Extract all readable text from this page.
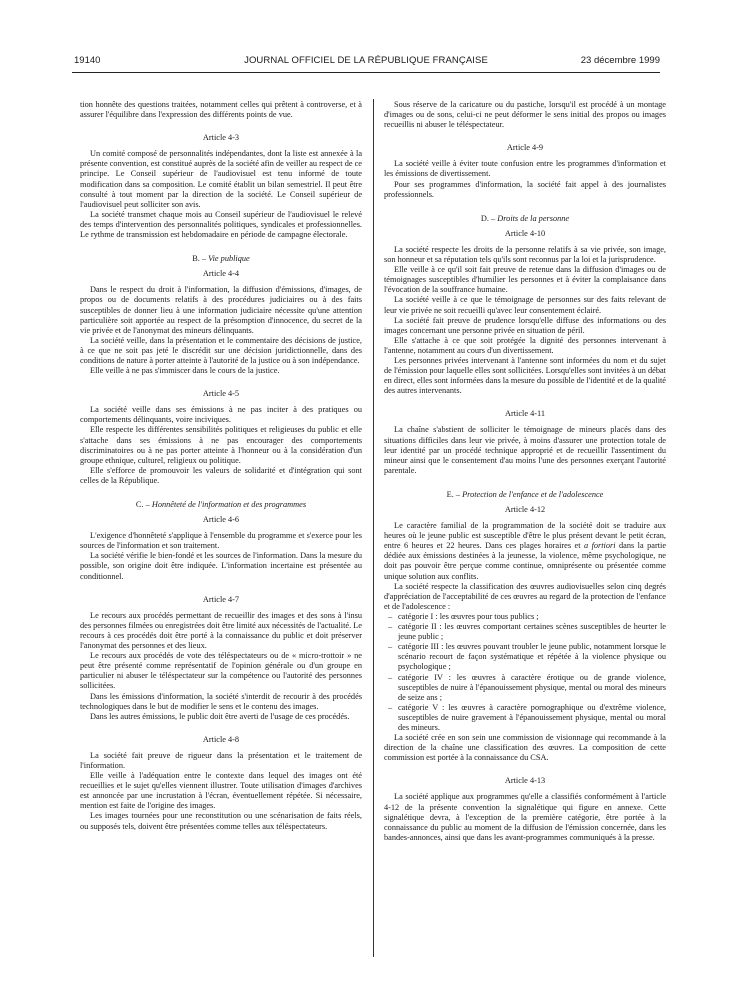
19140	JOURNAL OFFICIEL DE LA RÉPUBLIQUE FRANÇAISE	23 décembre 1999

tion honnête des questions traitées, notamment celles qui prêtent à controverse, et à assurer l'équilibre dans l'expression des différents points de vue.

Article 4-3

Un comité composé de personnalités indépendantes, dont la liste est annexée à la présente convention, est constitué auprès de la société afin de veiller au respect de ce principe. Le Conseil supérieur de l'audiovisuel est tenu informé de toute modification dans sa composition. Le comité établit un bilan semestriel. Il peut être consulté à tout moment par la direction de la société. Le Conseil supérieur de l'audiovisuel peut solliciter son avis.

La société transmet chaque mois au Conseil supérieur de l'audiovisuel le relevé des temps d'intervention des personnalités politiques, syndicales et professionnelles. Le rythme de transmission est hebdomadaire en période de campagne électorale.

B. – Vie publique
Article 4-4

Dans le respect du droit à l'information, la diffusion d'émissions, d'images, de propos ou de documents relatifs à des procédures judiciaires ou à des faits susceptibles de donner lieu à une information judiciaire nécessite qu'une attention particulière soit apportée au respect de la présomption d'innocence, du secret de la vie privée et de l'anonymat des mineurs délinquants.

La société veille, dans la présentation et le commentaire des décisions de justice, à ce que ne soit pas jeté le discrédit sur une décision juridictionnelle, dans des conditions de nature à porter atteinte à l'autorité de la justice ou à son indépendance.

Elle veille à ne pas s'immiscer dans le cours de la justice.

Article 4-5

La société veille dans ses émissions à ne pas inciter à des pratiques ou comportements délinquants, voire inciviques.

Elle respecte les différentes sensibilités politiques et religieuses du public et elle s'attache dans ses émissions à ne pas encourager des comportements discriminatoires ou à ne pas porter atteinte à l'honneur ou à la considération d'un groupe ethnique, culturel, religieux ou politique.

Elle s'efforce de promouvoir les valeurs de solidarité et d'intégration qui sont celles de la République.

C. – Honnêteté de l'information et des programmes
Article 4-6

L'exigence d'honnêteté s'applique à l'ensemble du programme et s'exerce pour les sources de l'information et son traitement.

La société vérifie le bien-fondé et les sources de l'information. Dans la mesure du possible, son origine doit être indiquée. L'information incertaine est présentée au conditionnel.

Article 4-7

Le recours aux procédés permettant de recueillir des images et des sons à l'insu des personnes filmées ou enregistrées doit être limité aux nécessités de l'actualité. Le recours à ces procédés doit être porté à la connaissance du public et doit préserver l'anonymat des personnes et des lieux.

Le recours aux procédés de vote des téléspectateurs ou de « micro-trottoir » ne peut être présenté comme représentatif de l'opinion générale ou d'un groupe en particulier ni abuser le téléspectateur sur la compétence ou l'autorité des personnes sollicitées.

Dans les émissions d'information, la société s'interdit de recourir à des procédés technologiques dans le but de modifier le sens et le contenu des images.

Dans les autres émissions, le public doit être averti de l'usage de ces procédés.

Article 4-8

La société fait preuve de rigueur dans la présentation et le traitement de l'information.

Elle veille à l'adéquation entre le contexte dans lequel des images ont été recueillies et le sujet qu'elles viennent illustrer. Toute utilisation d'images d'archives est annoncée par une incrustation à l'écran, éventuellement répétée. Si nécessaire, mention est faite de l'origine des images.

Les images tournées pour une reconstitution ou une scénarisation de faits réels, ou supposés tels, doivent être présentées comme telles aux téléspectateurs.

Sous réserve de la caricature ou du pastiche, lorsqu'il est procédé à un montage d'images ou de sons, celui-ci ne peut déformer le sens initial des propos ou images recueillis ni abuser le téléspectateur.

Article 4-9

La société veille à éviter toute confusion entre les programmes d'information et les émissions de divertissement.

Pour ses programmes d'information, la société fait appel à des journalistes professionnels.

D. – Droits de la personne
Article 4-10

La société respecte les droits de la personne relatifs à sa vie privée, son image, son honneur et sa réputation tels qu'ils sont reconnus par la loi et la jurisprudence.

Elle veille à ce qu'il soit fait preuve de retenue dans la diffusion d'images ou de témoignages susceptibles d'humilier les personnes et à éviter la complaisance dans l'évocation de la souffrance humaine.

La société veille à ce que le témoignage de personnes sur des faits relevant de leur vie privée ne soit recueilli qu'avec leur consentement éclairé.

La société fait preuve de prudence lorsqu'elle diffuse des informations ou des images concernant une personne privée en situation de péril.

Elle s'attache à ce que soit protégée la dignité des personnes intervenant à l'antenne, notamment au cours d'un divertissement.

Les personnes privées intervenant à l'antenne sont informées du nom et du sujet de l'émission pour laquelle elles sont sollicitées. Lorsqu'elles sont invitées à un débat en direct, elles sont informées dans la mesure du possible de l'identité et de la qualité des autres intervenants.

Article 4-11

La chaîne s'abstient de solliciter le témoignage de mineurs placés dans des situations difficiles dans leur vie privée, à moins d'assurer une protection totale de leur identité par un procédé technique approprié et de recueillir l'assentiment du mineur ainsi que le consentement d'au moins l'une des personnes exerçant l'autorité parentale.

E. – Protection de l'enfance et de l'adolescence
Article 4-12

Le caractère familial de la programmation de la société doit se traduire aux heures où le jeune public est susceptible d'être le plus présent devant le petit écran, entre 6 heures et 22 heures. Dans ces plages horaires et a fortiori dans la partie dédiée aux émissions destinées à la jeunesse, la violence, même psychologique, ne doit pas pouvoir être perçue comme continue, omniprésente ou présentée comme unique solution aux conflits.

La société respecte la classification des œuvres audiovisuelles selon cinq degrés d'appréciation de l'acceptabilité de ces œuvres au regard de la protection de l'enfance et de l'adolescence :

– catégorie I : les œuvres pour tous publics ;
– catégorie II : les œuvres comportant certaines scènes susceptibles de heurter le jeune public ;
– catégorie III : les œuvres pouvant troubler le jeune public, notamment lorsque le scénario recourt de façon systématique et répétée à la violence physique ou psychologique ;
– catégorie IV : les œuvres à caractère érotique ou de grande violence, susceptibles de nuire à l'épanouissement physique, mental ou moral des mineurs de seize ans ;
– catégorie V : les œuvres à caractère pornographique ou d'extrême violence, susceptibles de nuire gravement à l'épanouissement physique, mental ou moral des mineurs.

La société crée en son sein une commission de visionnage qui recommande à la direction de la chaîne une classification des œuvres. La composition de cette commission est portée à la connaissance du CSA.

Article 4-13

La société applique aux programmes qu'elle a classifiés conformément à l'article 4-12 de la présente convention la signalétique qui figure en annexe. Cette signalétique devra, à l'exception de la première catégorie, être portée à la connaissance du public au moment de la diffusion de l'émission concernée, dans les bandes-annonces, ainsi que dans les avant-programmes communiqués à la presse.
